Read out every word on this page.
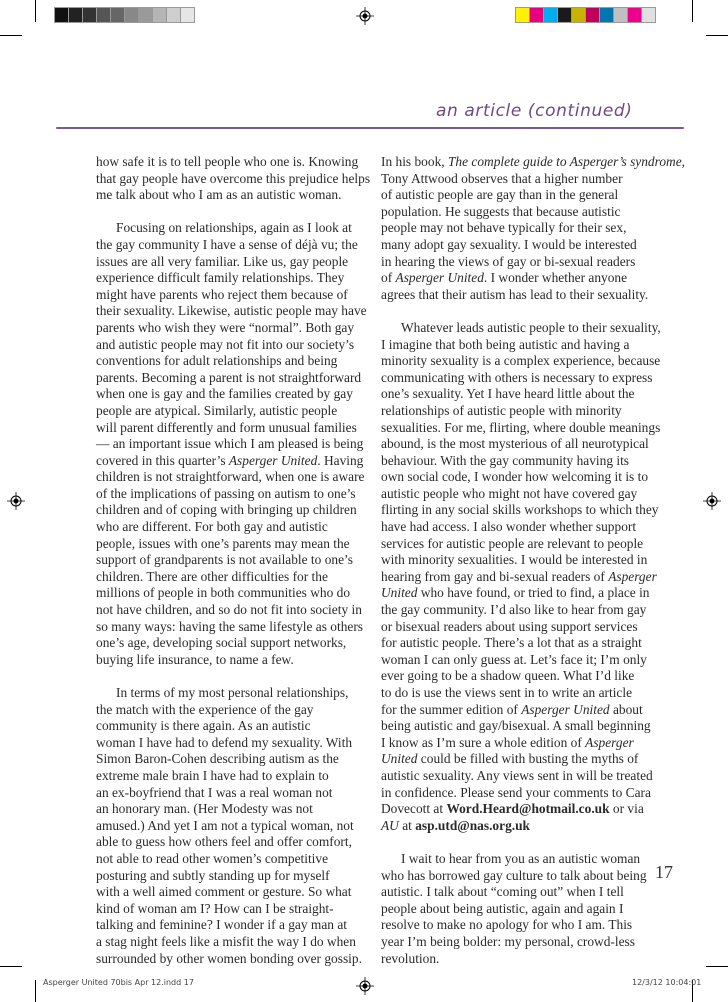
an article (continued)

how safe it is to tell people who one is. Knowing
that gay people have overcome this prejudice helps
me talk about who I am as an autistic woman.

Focusing on relationships, again as I look at
the gay community I have a sense of déjà vu; the
issues are all very familiar. Like us, gay people
experience difficult family relationships. They
might have parents who reject them because of
their sexuality. Likewise, autistic people may have
parents who wish they were “normal”. Both gay
and autistic people may not fit into our society’s
conventions for adult relationships and being
parents. Becoming a parent is not straightforward
when one is gay and the families created by gay
people are atypical. Similarly, autistic people
will parent differently and form unusual families
— an important issue which I am pleased is being
covered in this quarter’s Asperger United. Having
children is not straightforward, when one is aware
of the implications of passing on autism to one’s
children and of coping with bringing up children
who are different. For both gay and autistic
people, issues with one’s parents may mean the
support of grandparents is not available to one’s
children. There are other difficulties for the
millions of people in both communities who do
not have children, and so do not fit into society in
so many ways: having the same lifestyle as others
one’s age, developing social support networks,
buying life insurance, to name a few.

In terms of my most personal relationships,
the match with the experience of the gay
community is there again. As an autistic
woman I have had to defend my sexuality. With
Simon Baron-Cohen describing autism as the
extreme male brain I have had to explain to
an ex-boyfriend that I was a real woman not
an honorary man. (Her Modesty was not
amused.) And yet I am not a typical woman, not
able to guess how others feel and offer comfort,
not able to read other women’s competitive
posturing and subtly standing up for myself
with a well aimed comment or gesture. So what
kind of woman am I? How can I be straight-
talking and feminine? I wonder if a gay man at
a stag night feels like a misfit the way I do when
surrounded by other women bonding over gossip.

In his book, The complete guide to Asperger’s syndrome,
Tony Attwood observes that a higher number
of autistic people are gay than in the general
population. He suggests that because autistic
people may not behave typically for their sex,
many adopt gay sexuality. I would be interested
in hearing the views of gay or bi-sexual readers
of Asperger United. I wonder whether anyone
agrees that their autism has lead to their sexuality.

Whatever leads autistic people to their sexuality,
I imagine that both being autistic and having a
minority sexuality is a complex experience, because
communicating with others is necessary to express
one’s sexuality. Yet I have heard little about the
relationships of autistic people with minority
sexualities. For me, flirting, where double meanings
abound, is the most mysterious of all neurotypical
behaviour. With the gay community having its
own social code, I wonder how welcoming it is to
autistic people who might not have covered gay
flirting in any social skills workshops to which they
have had access. I also wonder whether support
services for autistic people are relevant to people
with minority sexualities. I would be interested in
hearing from gay and bi-sexual readers of Asperger
United who have found, or tried to find, a place in
the gay community. I’d also like to hear from gay
or bisexual readers about using support services
for autistic people. There’s a lot that as a straight
woman I can only guess at. Let’s face it; I’m only
ever going to be a shadow queen. What I’d like
to do is use the views sent in to write an article
for the summer edition of Asperger United about
being autistic and gay/bisexual. A small beginning
I know as I’m sure a whole edition of Asperger
United could be filled with busting the myths of
autistic sexuality. Any views sent in will be treated
in confidence. Please send your comments to Cara
Dovecott at Word.Heard@hotmail.co.uk or via
AU at asp.utd@nas.org.uk

I wait to hear from you as an autistic woman
who has borrowed gay culture to talk about being
autistic. I talk about “coming out” when I tell
people about being autistic, again and again I
resolve to make no apology for who I am. This
year I’m being bolder: my personal, crowd-less
revolution.

17
Asperger United 70bis Apr 12.indd 17	12/3/12 10:04:01
